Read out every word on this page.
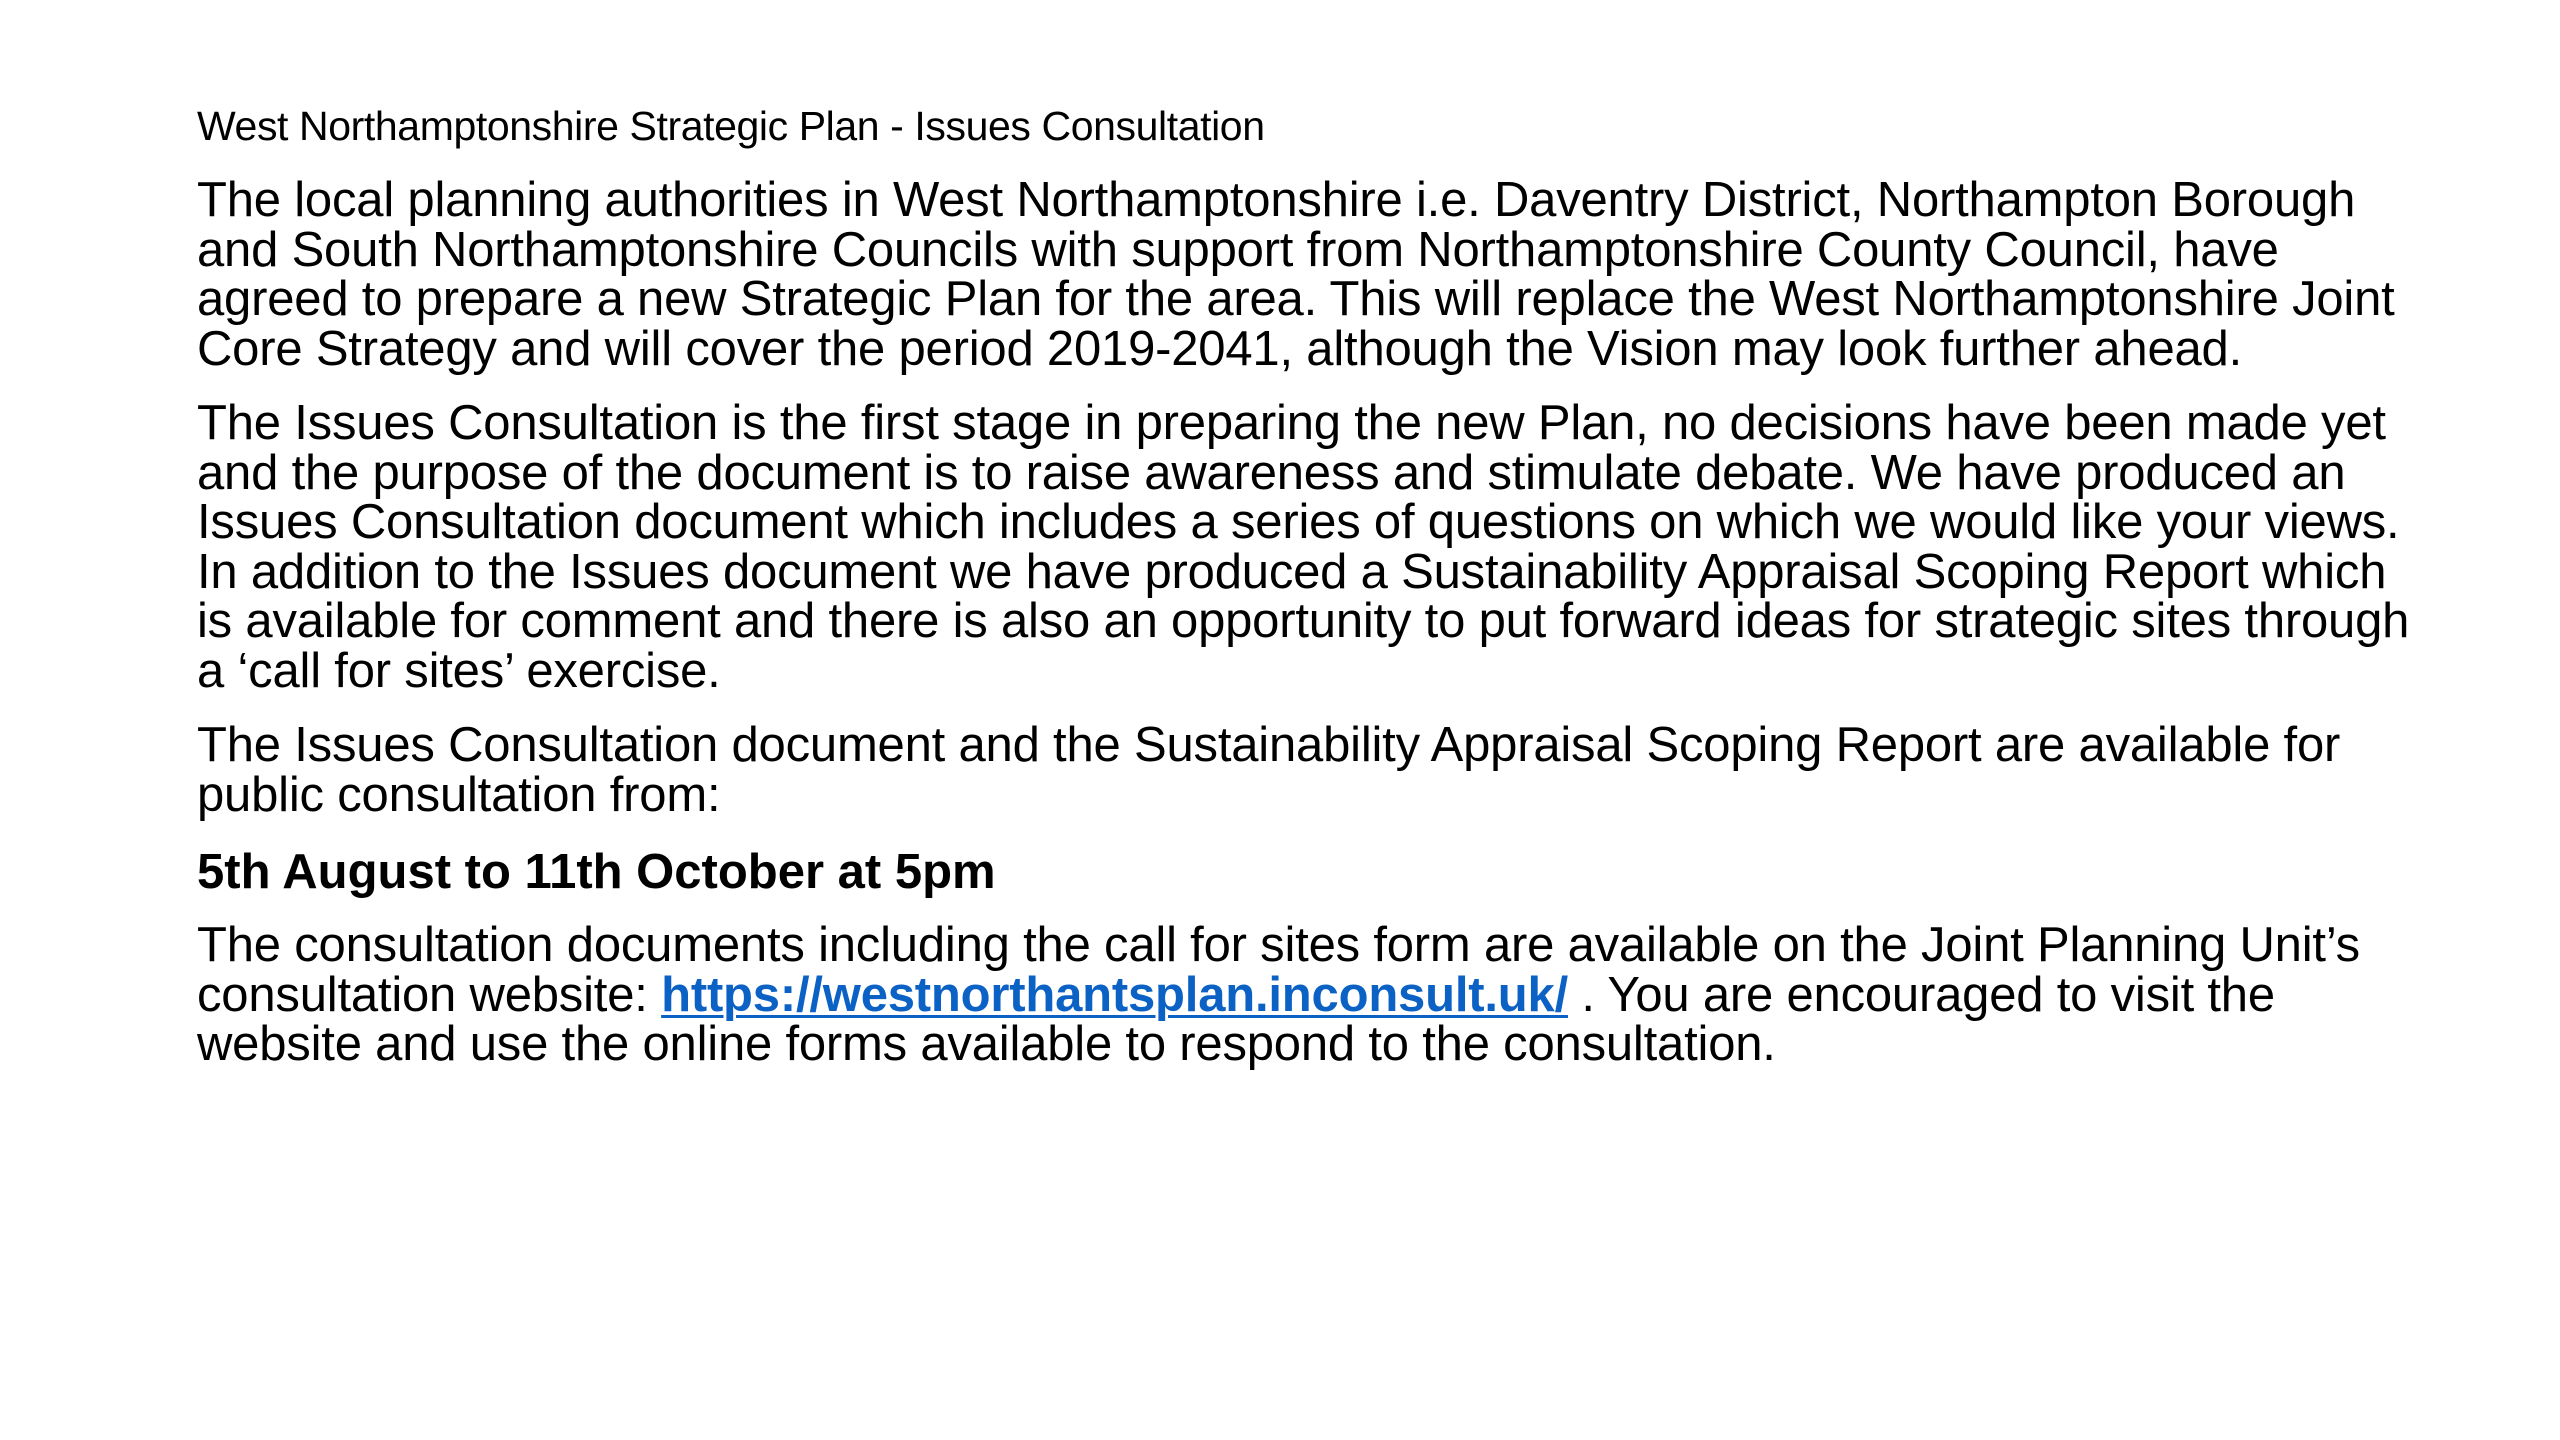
West Northamptonshire Strategic Plan - Issues Consultation
The local planning authorities in West Northamptonshire i.e. Daventry District, Northampton Borough and South Northamptonshire Councils with support from Northamptonshire County Council, have agreed to prepare a new Strategic Plan for the area. This will replace the West Northamptonshire Joint Core Strategy and will cover the period 2019-2041, although the Vision may look further ahead.
The Issues Consultation is the first stage in preparing the new Plan, no decisions have been made yet and the purpose of the document is to raise awareness and stimulate debate. We have produced an Issues Consultation document which includes a series of questions on which we would like your views. In addition to the Issues document we have produced a Sustainability Appraisal Scoping Report which is available for comment and there is also an opportunity to put forward ideas for strategic sites through a ‘call for sites’ exercise.
The Issues Consultation document and the Sustainability Appraisal Scoping Report are available for public consultation from:
5th August to 11th October at 5pm
The consultation documents including the call for sites form are available on the Joint Planning Unit’s consultation website: https://westnorthantsplan.inconsult.uk/ . You are encouraged to visit the website and use the online forms available to respond to the consultation.
